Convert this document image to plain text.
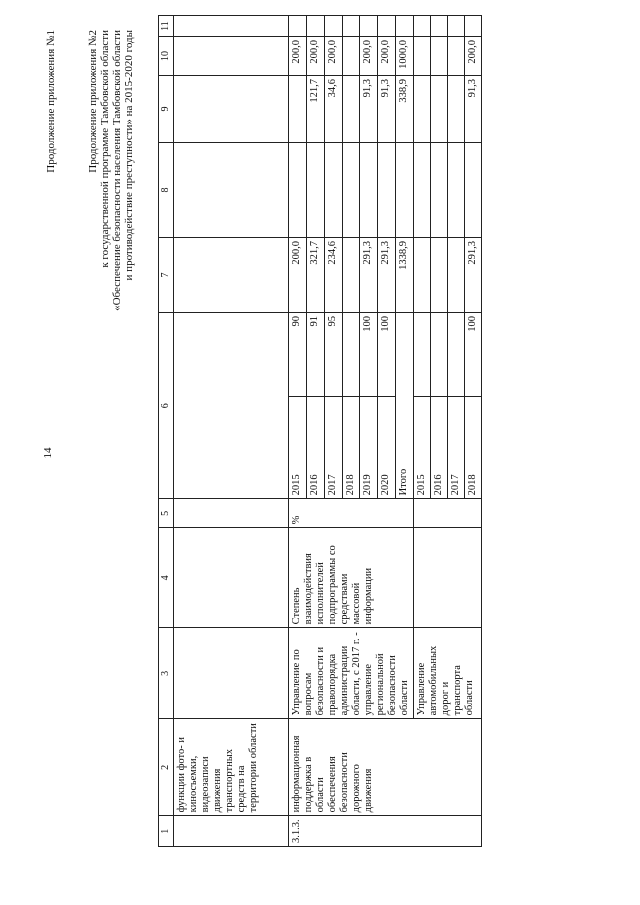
14
Продолжение приложения №1	Продолжение приложения №2 к государственной программе Тамбовской области «Обеспечение безопасности населения Тамбовской области и противодействие преступности» на 2015-2020 годы
1	2	3	4	5	6		7	8	9	10	11
	функции фото- и киносъемки, видеозаписи движения транспортных средств на территории области										
3.1.3.	информационная поддержка в области обеспечения безопасности дорожного движения	Управление по вопросам безопасности и правопорядка администрации области, с 2017 г. - управление региональной безопасности области	Степень взаимодействия исполнителей подпрограммы со средствами массовой информации	%	2015	90	200,0			200,0	
					2016	91	321,7		121,7	200,0	
					2017	95	234,6		34,6	200,0	
					2018						
					2019	100	291,3		91,3	200,0	
					2020	100	291,3		91,3	200,0	
					Итого		1338,9		338,9	1000,0	
		Управление автомобильных дорог и транспорта области			2015						
					2016						
					2017						
					2018	100	291,3		91,3	200,0	
